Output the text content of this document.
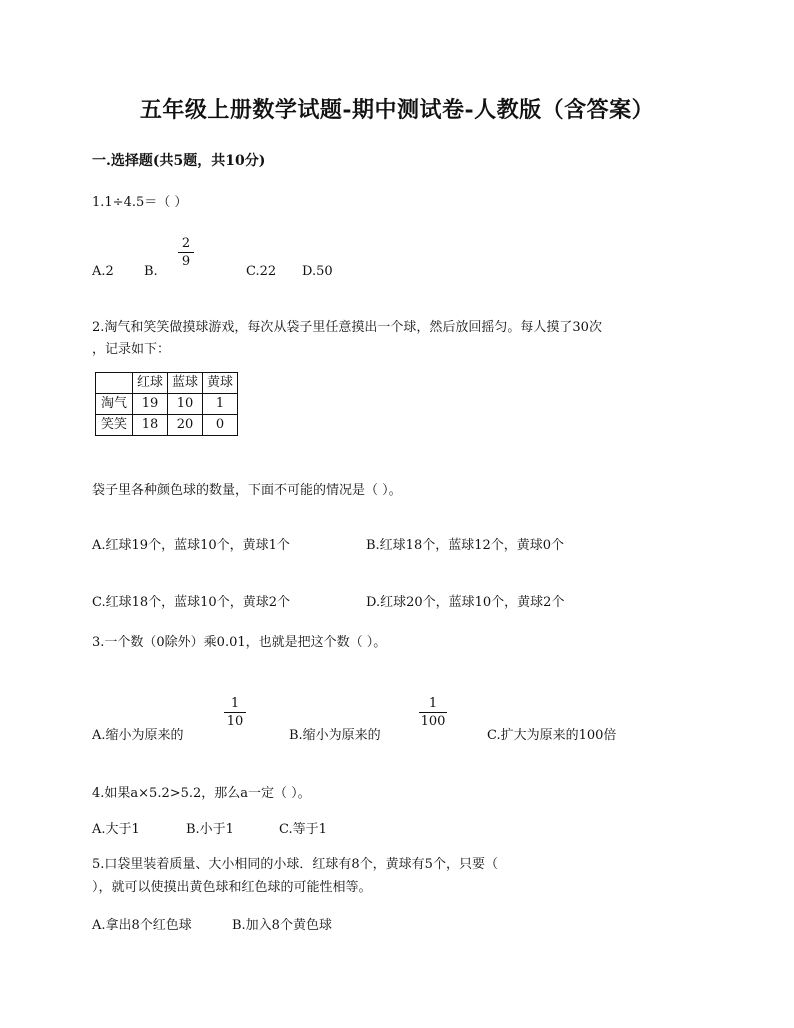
五年级上册数学试题-期中测试卷-人教版（含答案）
一.选择题(共5题，共10分)
1.1÷4.5＝（ ）
A.2 B.
2
9
C.22 D.50
2.淘气和笑笑做摸球游戏，每次从袋子里任意摸出一个球，然后放回摇匀。每人摸了30次
，记录如下：
	红球	蓝球	黄球
淘气	19	10	1
笑笑	18	20	0
袋子里各种颜色球的数量，下面不可能的情况是（ ）。
A.红球19个，蓝球10个，黄球1个	B.红球18个，蓝球12个，黄球0个
C.红球18个，蓝球10个，黄球2个	D.红球20个，蓝球10个，黄球2个
3.一个数（0除外）乘0.01，也就是把这个数（ ）。
A.缩小为原来的
1
10
B.缩小为原来的
1
100
C.扩大为原来的100倍
4.如果a×5.2>5.2，那么a一定（ ）。
A.大于1	B.小于1	C.等于1
5.口袋里装着质量、大小相同的小球．红球有8个，黄球有5个，只要（
），就可以使摸出黄色球和红色球的可能性相等。
A.拿出8个红色球	B.加入8个黄色球
